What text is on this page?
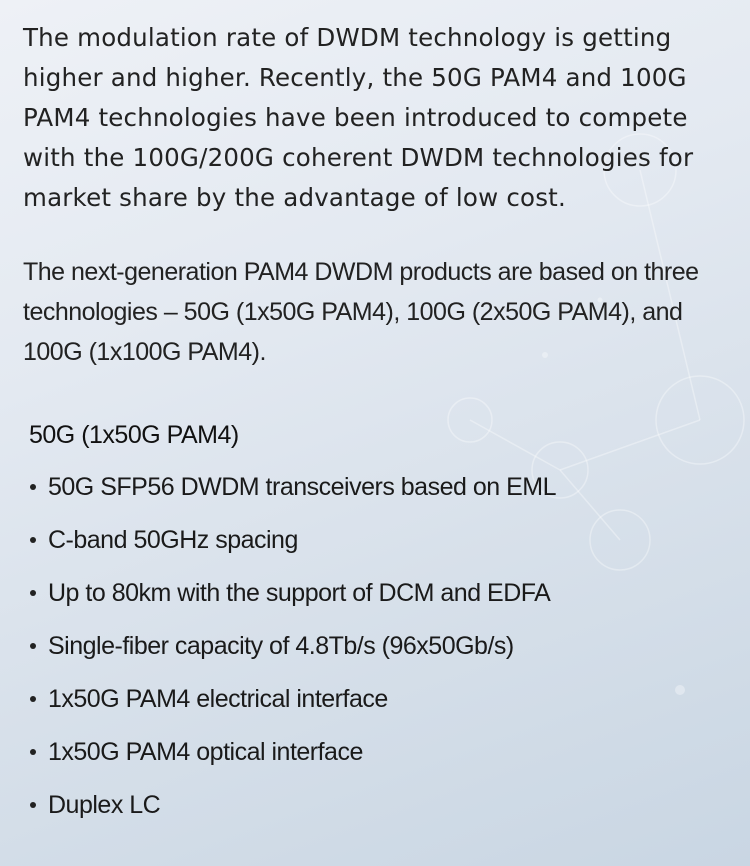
The modulation rate of DWDM technology is getting higher and higher. Recently, the 50G PAM4 and 100G PAM4 technologies have been introduced to compete with the 100G/200G coherent DWDM technologies for market share by the advantage of low cost.

The next-generation PAM4 DWDM products are based on three technologies – 50G (1x50G PAM4), 100G (2x50G PAM4), and 100G (1x100G PAM4).

50G (1x50G PAM4)
50G SFP56 DWDM transceivers based on EML
C-band 50GHz spacing
Up to 80km with the support of DCM and EDFA
Single-fiber capacity of 4.8Tb/s (96x50Gb/s)
1x50G PAM4 electrical interface
1x50G PAM4 optical interface
Duplex LC
